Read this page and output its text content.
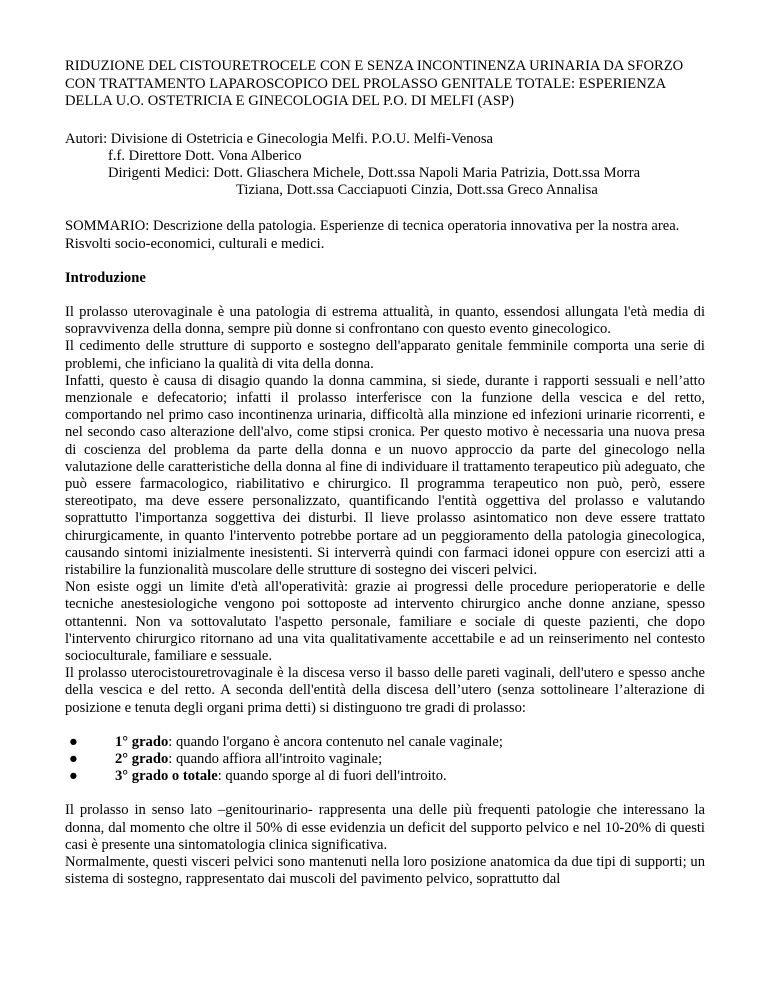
RIDUZIONE DEL CISTOURETROCELE CON E SENZA INCONTINENZA URINARIA DA SFORZO CON TRATTAMENTO LAPAROSCOPICO DEL PROLASSO GENITALE TOTALE: ESPERIENZA DELLA U.O. OSTETRICIA E GINECOLOGIA DEL P.O. DI MELFI (ASP)

Autori: Divisione di Ostetricia e Ginecologia Melfi. P.O.U. Melfi-Venosa

f.f. Direttore Dott. Vona Alberico

Dirigenti Medici: Dott. Gliaschera Michele, Dott.ssa Napoli Maria Patrizia, Dott.ssa Morra

Tiziana, Dott.ssa Cacciapuoti Cinzia, Dott.ssa Greco Annalisa

SOMMARIO: Descrizione della patologia. Esperienze di tecnica operatoria innovativa per la nostra area. Risvolti socio-economici, culturali e medici.

Introduzione

Il prolasso uterovaginale è una patologia di estrema attualità, in quanto, essendosi allungata l'età media di sopravvivenza della donna, sempre più donne si confrontano con questo evento ginecologico.

Il cedimento delle strutture di supporto e sostegno dell'apparato genitale femminile comporta una serie di problemi, che inficiano la qualità di vita della donna.

Infatti, questo è causa di disagio quando la donna cammina, si siede, durante i rapporti sessuali e nell’atto menzionale e defecatorio; infatti il prolasso interferisce con la funzione della vescica e del retto, comportando nel primo caso incontinenza urinaria, difficoltà alla minzione ed infezioni urinarie ricorrenti, e nel secondo caso alterazione dell'alvo, come stipsi cronica. Per questo motivo è necessaria una nuova presa di coscienza del problema da parte della donna e un nuovo approccio da parte del ginecologo nella valutazione delle caratteristiche della donna al fine di individuare il trattamento terapeutico più adeguato, che può essere farmacologico, riabilitativo e chirurgico. Il programma terapeutico non può, però, essere stereotipato, ma deve essere personalizzato, quantificando l'entità oggettiva del prolasso e valutando soprattutto l'importanza soggettiva dei disturbi. Il lieve prolasso asintomatico non deve essere trattato chirurgicamente, in quanto l'intervento potrebbe portare ad un peggioramento della patologia ginecologica, causando sintomi inizialmente inesistenti. Si interverrà quindi con farmaci idonei oppure con esercizi atti a ristabilire la funzionalità muscolare delle strutture di sostegno dei visceri pelvici.

Non esiste oggi un limite d'età all'operatività: grazie ai progressi delle procedure perioperatorie e delle tecniche anestesiologiche vengono poi sottoposte ad intervento chirurgico anche donne anziane, spesso ottantenni. Non va sottovalutato l'aspetto personale, familiare e sociale di queste pazienti, che dopo l'intervento chirurgico ritornano ad una vita qualitativamente accettabile e ad un reinserimento nel contesto socioculturale, familiare e sessuale.

Il prolasso uterocistouretrovaginale è la discesa verso il basso delle pareti vaginali, dell'utero e spesso anche della vescica e del retto. A seconda dell'entità della discesa dell’utero (senza sottolineare l’alterazione di posizione e tenuta degli organi prima detti) si distinguono tre gradi di prolasso:

●	1° grado: quando l'organo è ancora contenuto nel canale vaginale;
●	2° grado: quando affiora all'introito vaginale;
●	3° grado o totale: quando sporge al di fuori dell'introito.

Il prolasso in senso lato –genitourinario- rappresenta una delle più frequenti patologie che interessano la donna, dal momento che oltre il 50% di esse evidenzia un deficit del supporto pelvico e nel 10-20% di questi casi è presente una sintomatologia clinica significativa.

Normalmente, questi visceri pelvici sono mantenuti nella loro posizione anatomica da due tipi di supporti; un sistema di sostegno, rappresentato dai muscoli del pavimento pelvico, soprattutto dal
